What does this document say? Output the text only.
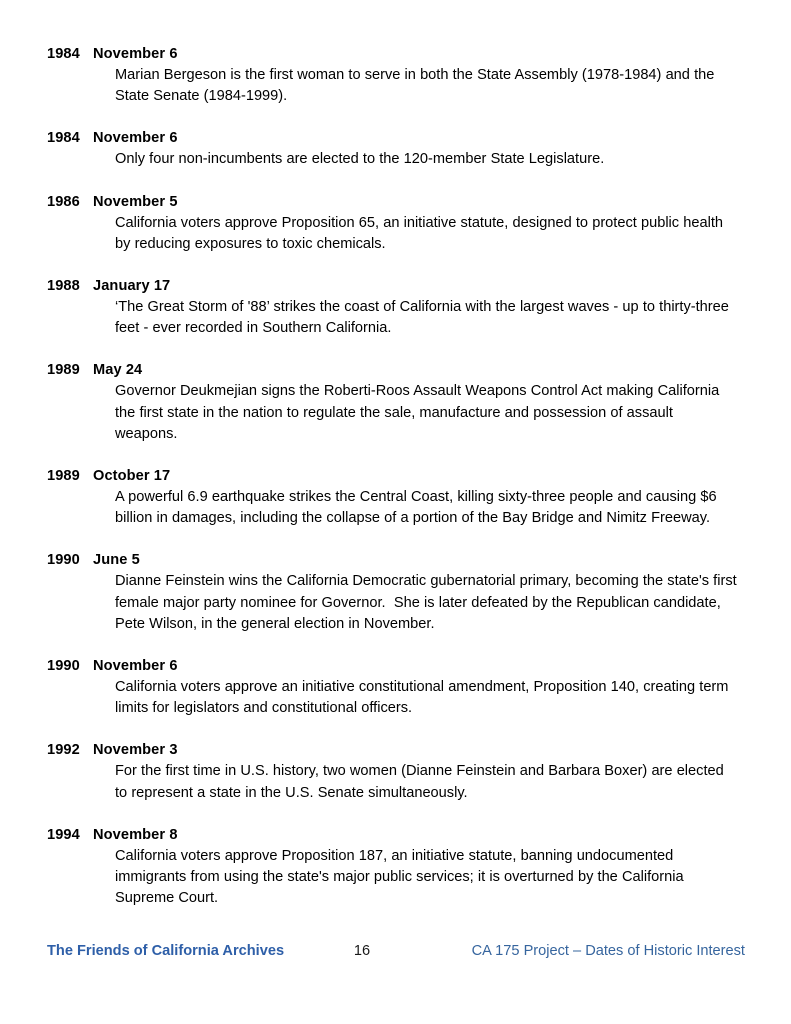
1984 November 6
Marian Bergeson is the first woman to serve in both the State Assembly (1978-1984) and the State Senate (1984-1999).
1984 November 6
Only four non-incumbents are elected to the 120-member State Legislature.
1986 November 5
California voters approve Proposition 65, an initiative statute, designed to protect public health by reducing exposures to toxic chemicals.
1988 January 17
‘The Great Storm of '88’ strikes the coast of California with the largest waves - up to thirty-three feet - ever recorded in Southern California.
1989 May 24
Governor Deukmejian signs the Roberti-Roos Assault Weapons Control Act making California the first state in the nation to regulate the sale, manufacture and possession of assault weapons.
1989 October 17
A powerful 6.9 earthquake strikes the Central Coast, killing sixty-three people and causing $6 billion in damages, including the collapse of a portion of the Bay Bridge and Nimitz Freeway.
1990 June 5
Dianne Feinstein wins the California Democratic gubernatorial primary, becoming the state's first female major party nominee for Governor.  She is later defeated by the Republican candidate, Pete Wilson, in the general election in November.
1990 November 6
California voters approve an initiative constitutional amendment, Proposition 140, creating term limits for legislators and constitutional officers.
1992 November 3
For the first time in U.S. history, two women (Dianne Feinstein and Barbara Boxer) are elected to represent a state in the U.S. Senate simultaneously.
1994 November 8
California voters approve Proposition 187, an initiative statute, banning undocumented immigrants from using the state's major public services; it is overturned by the California Supreme Court.
The Friends of California Archives	16	CA 175 Project – Dates of Historic Interest
